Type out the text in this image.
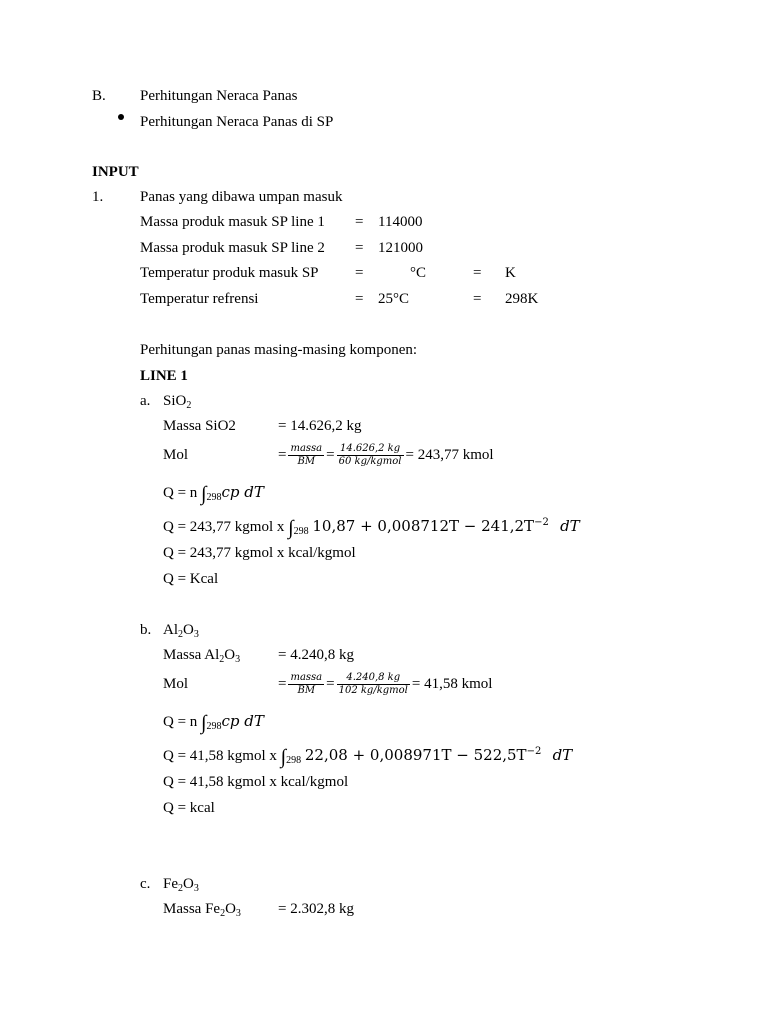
B. Perhitungan Neraca Panas
Perhitungan Neraca Panas di SP
INPUT
1. Panas yang dibawa umpan masuk
Massa produk masuk SP line 1 = 114000
Massa produk masuk SP line 2 = 121000
Temperatur produk masuk SP =	°C	= K
Temperatur refrensi	= 25°C	= 298K
Perhitungan panas masing-masing komponen:
LINE 1
a. SiO$_2$
Massa SiO2	= 14.626,2 kg
Mol	= $\frac{\text{massa}}{BM} = \frac{14.626,2 kg}{\text{60 kg/kgmol}} = 243,77$ kmol
Q = n $\int_{298}cp$ dT
Q = 243,77 kgmol x $\int_{298}$ $10,87 + 0,008712T - 241,2T^{-2}$ dT
Q = 243,77 kgmol x kcal/kgmol
Q = Kcal
b. $Al_2O_3$
Massa $Al_2O_3$	= 4.240,8 kg
Mol	= $\frac{\text{massa}}{BM} = \frac{4.240,8 kg}{\text{102 kg/kgmol}} = 41,58$ kmol
Q = n $\int_{298}cp$ dT
Q = 41,58 kgmol x $\int_{298}$ $22,08 + 0,008971T - 522,5T^{-2}$ dT
Q = 41,58 kgmol x kcal/kgmol
Q = kcal
c. $Fe_2O_3$
Massa $Fe_2O_3 = 2.302,8$ kg
